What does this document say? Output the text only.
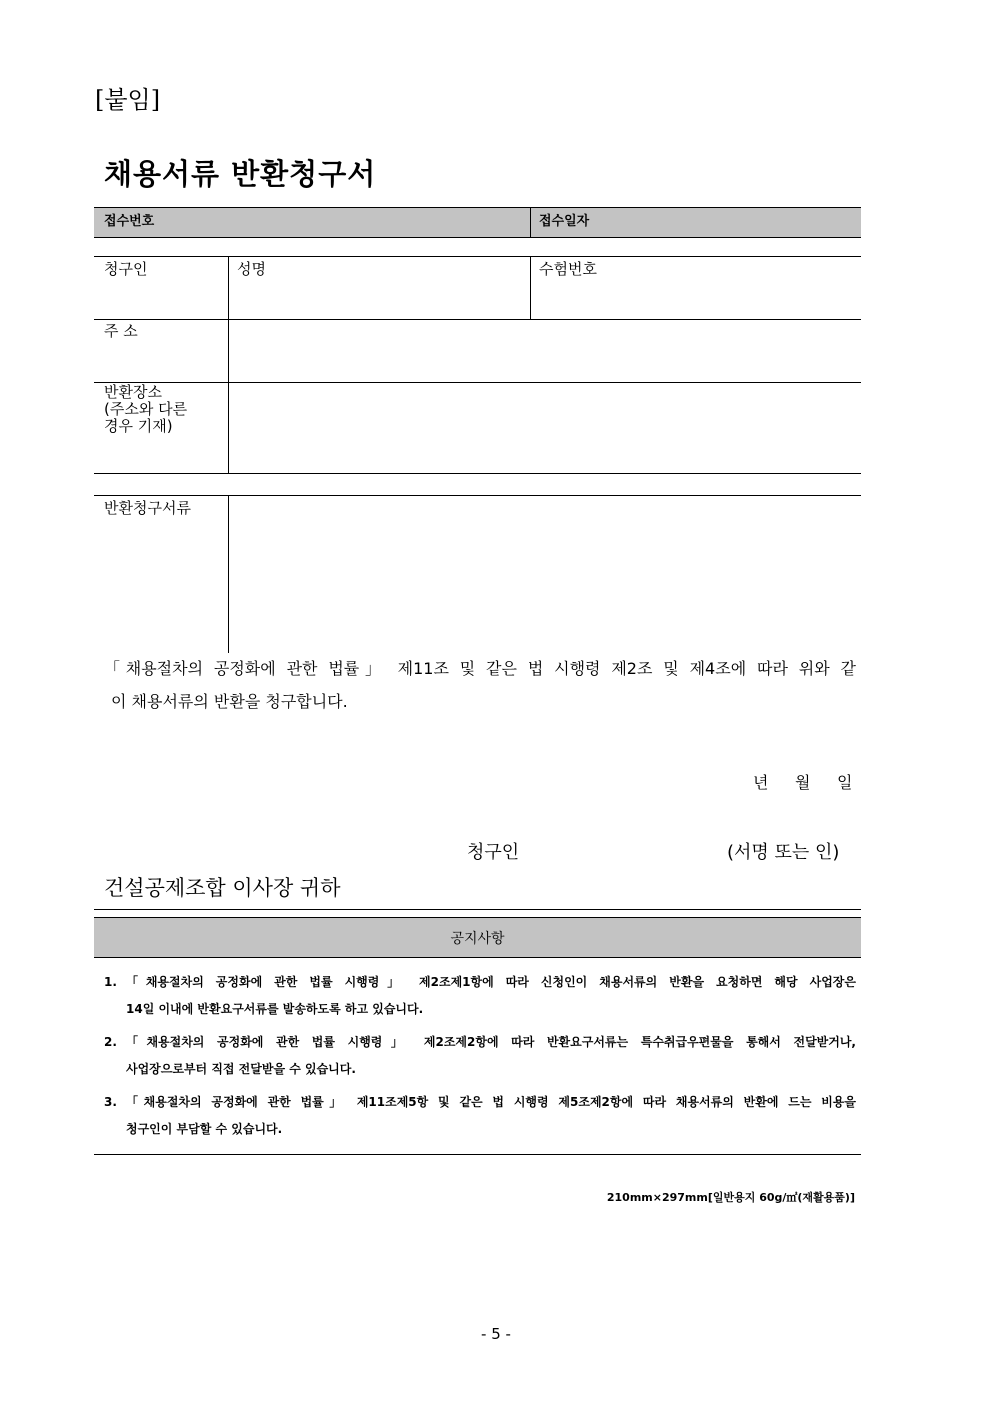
[붙임]
채용서류 반환청구서
접수번호	접수일자
청구인	성명	수험번호
주 소
반환장소
(주소와 다른
경우 기재)
반환청구서류
「채용절차의 공정화에 관한 법률」 제11조 및 같은 법 시행령 제2조 및 제4조에 따라 위와 같
이 채용서류의 반환을 청구합니다.
년 월 일
청구인	(서명 또는 인)
건설공제조합 이사장 귀하
공지사항
1. 「채용절차의 공정화에 관한 법률 시행령」 제2조제1항에 따라 신청인이 채용서류의 반환을 요청하면 해당 사업장은
14일 이내에 반환요구서류를 발송하도록 하고 있습니다.
2. 「채용절차의 공정화에 관한 법률 시행령」 제2조제2항에 따라 반환요구서류는 특수취급우편물을 통해서 전달받거나,
사업장으로부터 직접 전달받을 수 있습니다.
3. 「채용절차의 공정화에 관한 법률」 제11조제5항 및 같은 법 시행령 제5조제2항에 따라 채용서류의 반환에 드는 비용을
청구인이 부담할 수 있습니다.
210mm×297mm[일반용지 60g/㎡(재활용품)]
- 5 -
